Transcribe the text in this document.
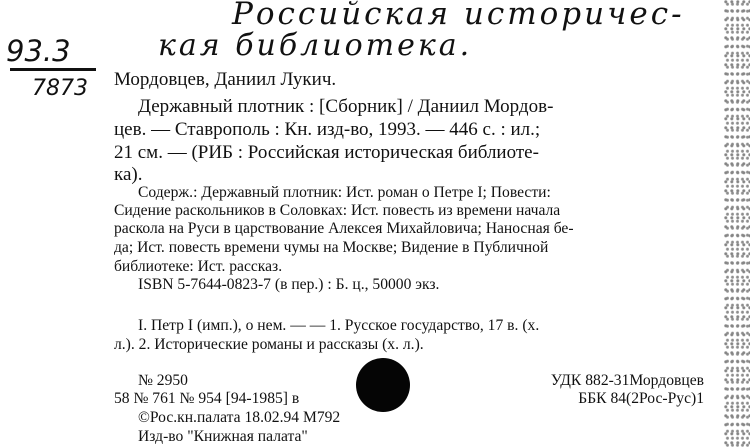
Российская историчес-
кая библиотека.
93.3
7873 Мордовцев, Даниил Лукич.
Державный плотник : [Сборник] / Даниил Мордов-
цев. — Ставрополь : Кн. изд-во, 1993. — 446 с. : ил.;
21 см. — (РИБ : Российская историческая библиоте-
ка).
Содерж.: Державный плотник: Ист. роман о Петре I; Повести:
Сидение раскольников в Соловках: Ист. повесть из времени начала
раскола на Руси в царствование Алексея Михайловича; Наносная бе-
да; Ист. повесть времени чумы на Москве; Видение в Публичной
библиотеке: Ист. рассказ.
ISBN 5-7644-0823-7 (в пер.) : Б. ц., 50000 экз.
I. Петр I (имп.), о нем. — — 1. Русское государство, 17 в. (х.
л.). 2. Исторические романы и рассказы (х. л.).
№ 2950
58 № 761 № 954 [94-1985] в
©Рос.кн.палата 18.02.94 М792
Изд-во "Книжная палата"
УДК 882-31Мордовцев
ББК 84(2Рос-Рус)1
